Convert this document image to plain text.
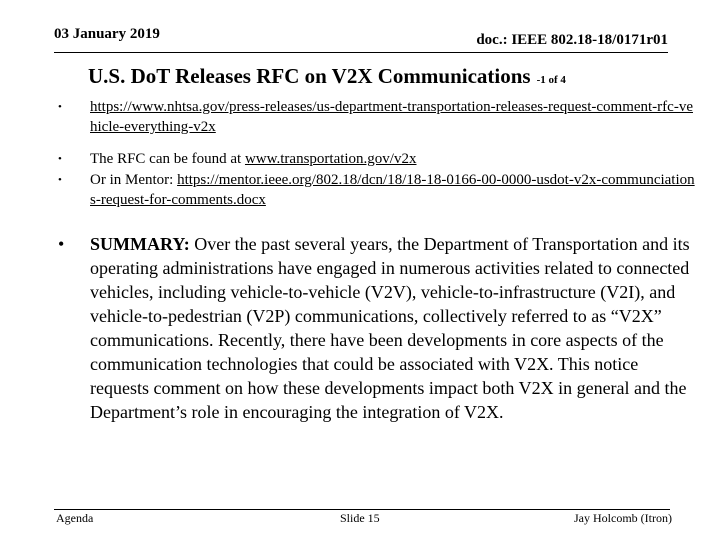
03 January 2019	doc.: IEEE 802.18-18/0171r01
U.S. DoT Releases RFC on V2X Communications -1 of 4
•	https://www.nhtsa.gov/press-releases/us-department-transportation-releases-request-comment-rfc-vehicle-everything-v2x
•	The RFC can be found at www.transportation.gov/v2x
•	Or in Mentor: https://mentor.ieee.org/802.18/dcn/18/18-18-0166-00-0000-usdot-v2x-communciations-request-for-comments.docx
•	SUMMARY: Over the past several years, the Department of Transportation and its operating administrations have engaged in numerous activities related to connected vehicles, including vehicle-to-vehicle (V2V), vehicle-to-infrastructure (V2I), and vehicle-to-pedestrian (V2P) communications, collectively referred to as “V2X” communications. Recently, there have been developments in core aspects of the communication technologies that could be associated with V2X. This notice requests comment on how these developments impact both V2X in general and the Department’s role in encouraging the integration of V2X.
Agenda	Slide 15	Jay Holcomb (Itron)
